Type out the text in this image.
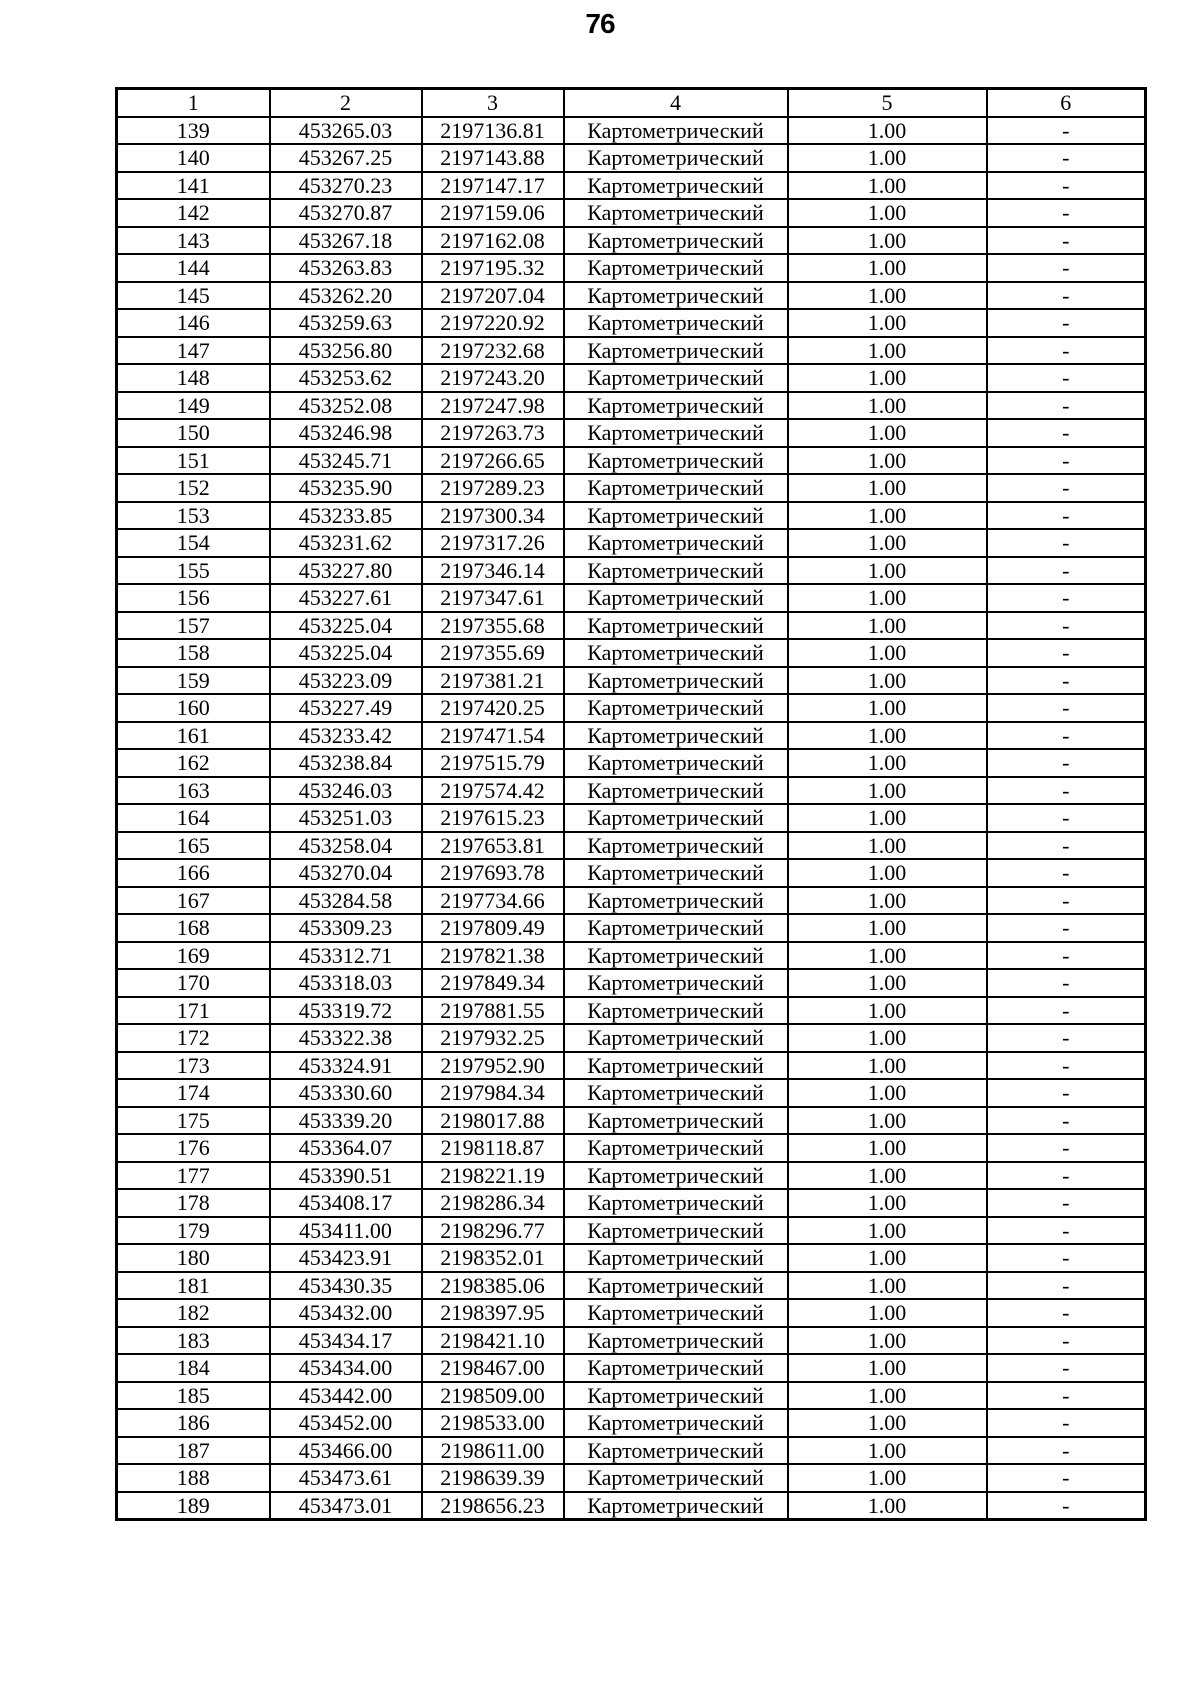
76
1	2	3	4	5	6
139	453265.03	2197136.81	Картометрический	1.00	-
140	453267.25	2197143.88	Картометрический	1.00	-
141	453270.23	2197147.17	Картометрический	1.00	-
142	453270.87	2197159.06	Картометрический	1.00	-
143	453267.18	2197162.08	Картометрический	1.00	-
144	453263.83	2197195.32	Картометрический	1.00	-
145	453262.20	2197207.04	Картометрический	1.00	-
146	453259.63	2197220.92	Картометрический	1.00	-
147	453256.80	2197232.68	Картометрический	1.00	-
148	453253.62	2197243.20	Картометрический	1.00	-
149	453252.08	2197247.98	Картометрический	1.00	-
150	453246.98	2197263.73	Картометрический	1.00	-
151	453245.71	2197266.65	Картометрический	1.00	-
152	453235.90	2197289.23	Картометрический	1.00	-
153	453233.85	2197300.34	Картометрический	1.00	-
154	453231.62	2197317.26	Картометрический	1.00	-
155	453227.80	2197346.14	Картометрический	1.00	-
156	453227.61	2197347.61	Картометрический	1.00	-
157	453225.04	2197355.68	Картометрический	1.00	-
158	453225.04	2197355.69	Картометрический	1.00	-
159	453223.09	2197381.21	Картометрический	1.00	-
160	453227.49	2197420.25	Картометрический	1.00	-
161	453233.42	2197471.54	Картометрический	1.00	-
162	453238.84	2197515.79	Картометрический	1.00	-
163	453246.03	2197574.42	Картометрический	1.00	-
164	453251.03	2197615.23	Картометрический	1.00	-
165	453258.04	2197653.81	Картометрический	1.00	-
166	453270.04	2197693.78	Картометрический	1.00	-
167	453284.58	2197734.66	Картометрический	1.00	-
168	453309.23	2197809.49	Картометрический	1.00	-
169	453312.71	2197821.38	Картометрический	1.00	-
170	453318.03	2197849.34	Картометрический	1.00	-
171	453319.72	2197881.55	Картометрический	1.00	-
172	453322.38	2197932.25	Картометрический	1.00	-
173	453324.91	2197952.90	Картометрический	1.00	-
174	453330.60	2197984.34	Картометрический	1.00	-
175	453339.20	2198017.88	Картометрический	1.00	-
176	453364.07	2198118.87	Картометрический	1.00	-
177	453390.51	2198221.19	Картометрический	1.00	-
178	453408.17	2198286.34	Картометрический	1.00	-
179	453411.00	2198296.77	Картометрический	1.00	-
180	453423.91	2198352.01	Картометрический	1.00	-
181	453430.35	2198385.06	Картометрический	1.00	-
182	453432.00	2198397.95	Картометрический	1.00	-
183	453434.17	2198421.10	Картометрический	1.00	-
184	453434.00	2198467.00	Картометрический	1.00	-
185	453442.00	2198509.00	Картометрический	1.00	-
186	453452.00	2198533.00	Картометрический	1.00	-
187	453466.00	2198611.00	Картометрический	1.00	-
188	453473.61	2198639.39	Картометрический	1.00	-
189	453473.01	2198656.23	Картометрический	1.00	-
